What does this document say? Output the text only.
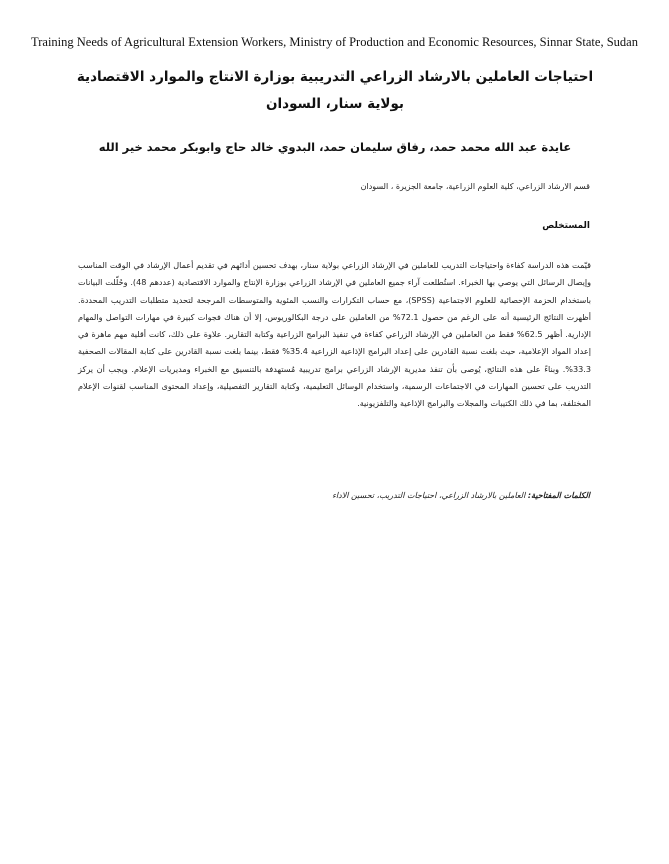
Training Needs of Agricultural Extension Workers, Ministry of Production and Economic Resources, Sinnar State, Sudan
احتياجات العاملين بالارشاد الزراعي التدريبية بوزارة الانتاج والموارد الاقتصادية بولاية سنار، السودان
عايدة عبد الله محمد حمد، رفاق سليمان حمد، البدوي خالد حاج وابوبكر محمد خير الله
قسم الارشاد الزراعي، كلية العلوم الزراعية، جامعة الجزيرة ، السودان
المستخلص

قيّمت هذه الدراسة كفاءة واحتياجات التدريب للعاملين في الإرشاد الزراعي بولاية سنار، بهدف تحسين أدائهم في تقديم أعمال الإرشاد في الوقت المناسب وإيصال الرسائل التي يوصي بها الخبراء. استُطلعت آراء جميع العاملين في الإرشاد الزراعي بوزارة الإنتاج والموارد الاقتصادية (عددهم 48). وحُلّلت البيانات باستخدام الحزمة الإحصائية للعلوم الاجتماعية (SPSS)، مع حساب التكرارات والنسب المئوية والمتوسطات المرجحة لتحديد متطلبات التدريب المحددة. أظهرت النتائج الرئيسية أنه على الرغم من حصول 72.1% من العاملين على درجة البكالوريوس، إلا أن هناك فجوات كبيرة في مهارات التواصل والمهام الإدارية. أظهر 62.5% فقط من العاملين في الإرشاد الزراعي كفاءة في تنفيذ البرامج الزراعية وكتابة التقارير. علاوة على ذلك، كانت أقلية مهم ماهرة في إعداد المواد الإعلامية، حيث بلغت نسبة القادرين على إعداد البرامج الإذاعية الزراعية 35.4% فقط، بينما بلغت نسبة القادرين على كتابة المقالات الصحفية 33.3%. وبناءً على هذه النتائج، يُوصى بأن تنفذ مديرية الإرشاد الزراعي برامج تدريبية مُستهدفة بالتنسيق مع الخبراء ومديريات الإعلام. ويجب أن يركز التدريب على تحسين المهارات في الاجتماعات الرسمية، واستخدام الوسائل التعليمية، وكتابة التقارير التفصيلية، وإعداد المحتوى المناسب لقنوات الإعلام المختلفة، بما في ذلك الكتيبات والمجلات والبرامج الإذاعية والتلفزيونية.

الكلمات المفتاحية: العاملين بالارشاد الزراعي، احتياجات التدريب، تحسين الاداء
